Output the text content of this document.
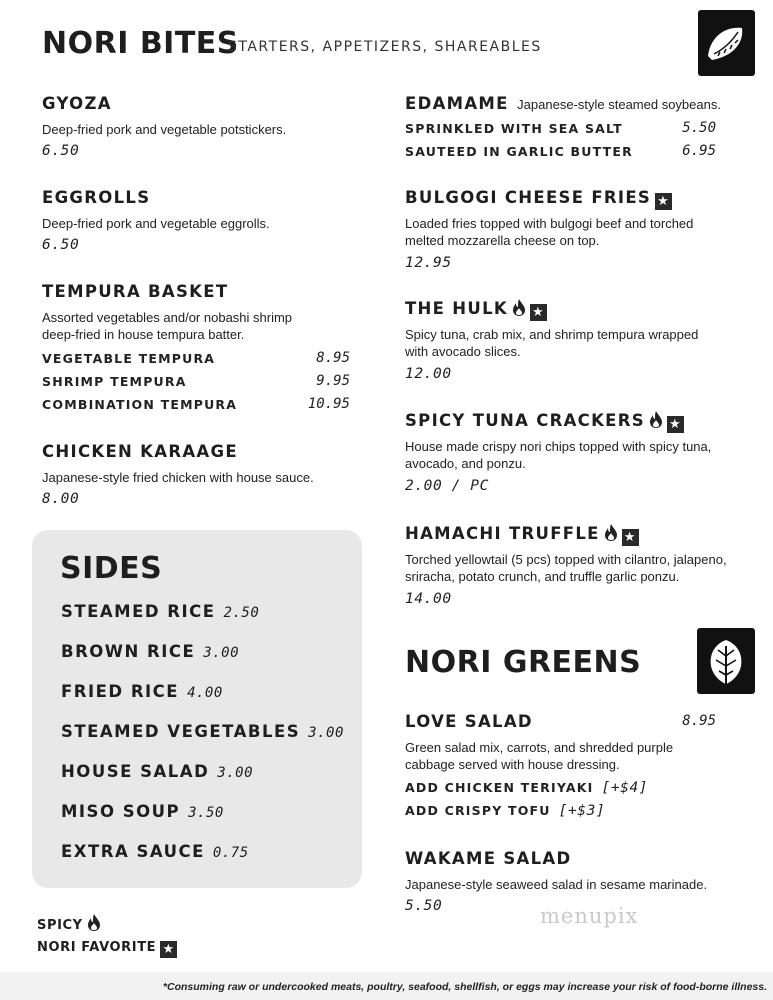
NORI BITES
STARTERS, APPETIZERS, SHAREABLES
GYOZA
Deep-fried pork and vegetable potstickers.
6.50
EGGROLLS
Deep-fried pork and vegetable eggrolls.
6.50
TEMPURA BASKET
Assorted vegetables and/or nobashi shrimp
deep-fried in house tempura batter.
VEGETABLE TEMPURA	8.95
SHRIMP TEMPURA	9.95
COMBINATION TEMPURA	10.95
CHICKEN KARAAGE
Japanese-style fried chicken with house sauce.
8.00
SIDES
STEAMED RICE 2.50
BROWN RICE 3.00
FRIED RICE 4.00
STEAMED VEGETABLES 3.00
HOUSE SALAD 3.00
MISO SOUP 3.50
EXTRA SAUCE 0.75
EDAMAME Japanese-style steamed soybeans.
SPRINKLED WITH SEA SALT	5.50
SAUTEED IN GARLIC BUTTER	6.95
BULGOGI CHEESE FRIES ★
Loaded fries topped with bulgogi beef and torched
melted mozzarella cheese on top.
12.95
THE HULK ★
Spicy tuna, crab mix, and shrimp tempura wrapped
with avocado slices.
12.00
SPICY TUNA CRACKERS ★
House made crispy nori chips topped with spicy tuna,
avocado, and ponzu.
2.00 / PC
HAMACHI TRUFFLE ★
Torched yellowtail (5 pcs) topped with cilantro, jalapeno,
sriracha, potato crunch, and truffle garlic ponzu.
14.00
NORI GREENS
LOVE SALAD	8.95
Green salad mix, carrots, and shredded purple
cabbage served with house dressing.
ADD CHICKEN TERIYAKI [+$4]
ADD CRISPY TOFU [+$3]
WAKAME SALAD
Japanese-style seaweed salad in sesame marinade.
5.50	menupix
SPICY
NORI FAVORITE ★
*Consuming raw or undercooked meats, poultry, seafood, shellfish, or eggs may increase your risk of food-borne illness.
